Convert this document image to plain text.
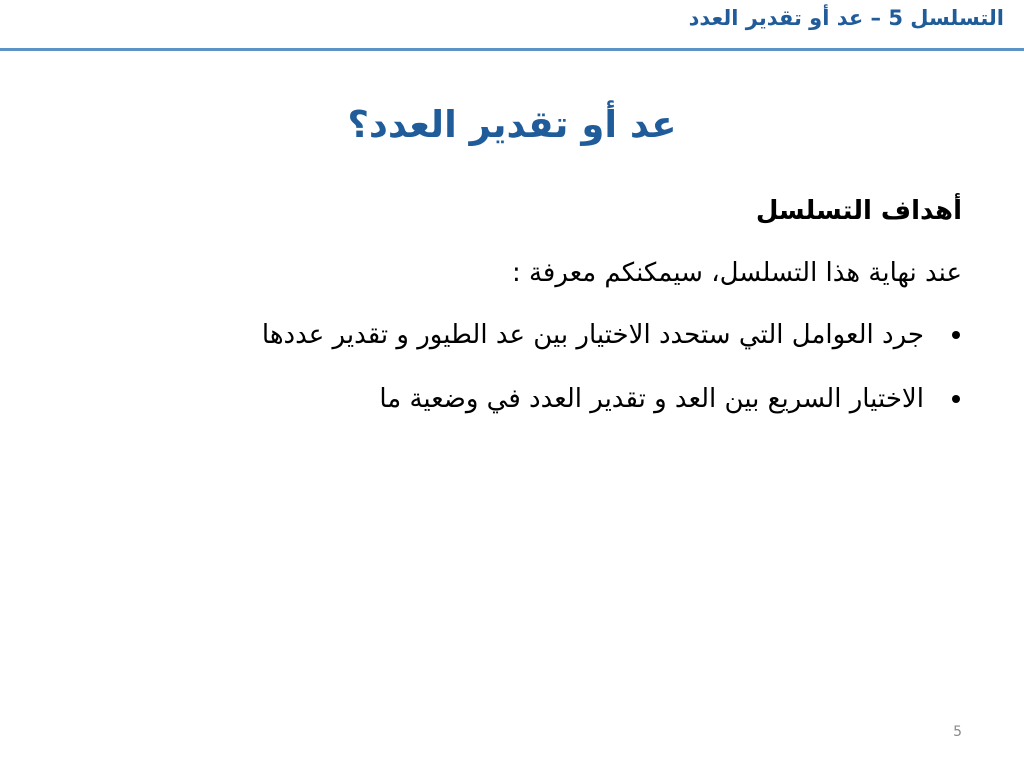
التسلسل 5 – عد أو تقدير العدد
عد أو تقدير العدد؟
أهداف التسلسل
عند نهاية هذا التسلسل، سيمكنكم معرفة :
جرد العوامل التي ستحدد الاختيار بين عد الطيور و تقدير عددها
الاختيار السريع بين العد و تقدير العدد في وضعية ما
5
